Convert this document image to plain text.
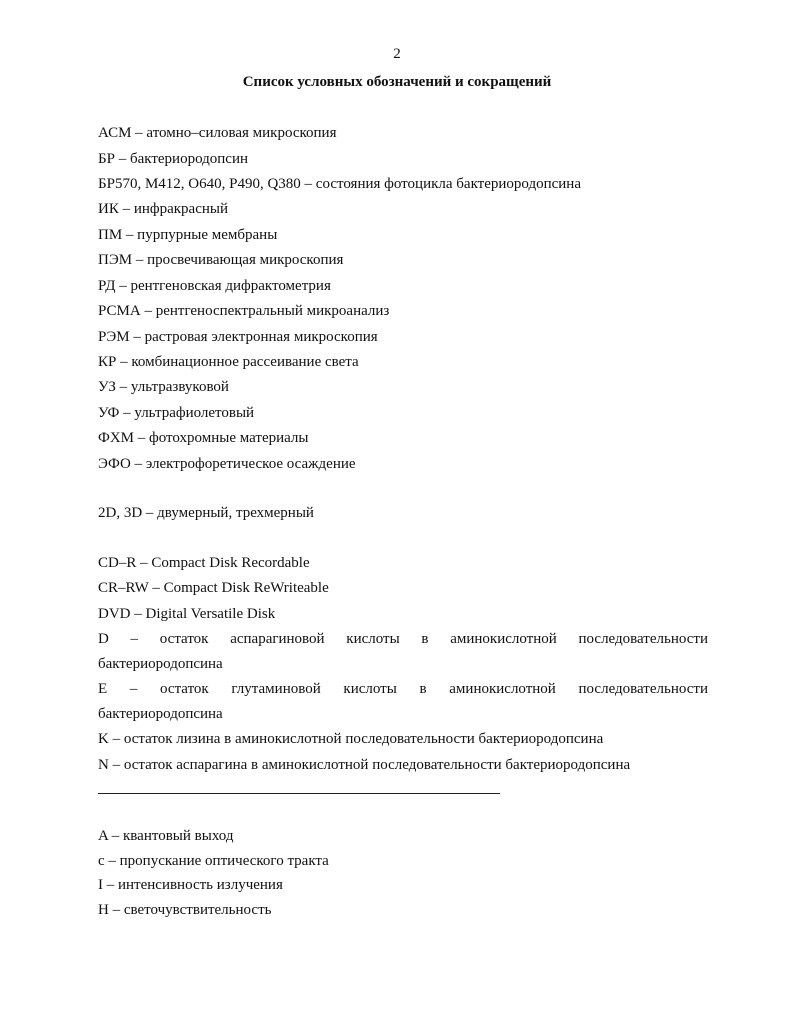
2
Список условных обозначений и сокращений
АСМ – атомно–силовая микроскопия
БР – бактериородопсин
БР570, M412, O640, P490, Q380 – состояния фотоцикла бактериородопсина
ИК – инфракрасный
ПМ – пурпурные мембраны
ПЭМ – просвечивающая микроскопия
РД – рентгеновская дифрактометрия
РСМА – рентгеноспектральный микроанализ
РЭМ – растровая электронная микроскопия
КР – комбинационное рассеивание света
УЗ – ультразвуковой
УФ – ультрафиолетовый
ФХМ – фотохромные материалы
ЭФО – электрофоретическое осаждение
2D, 3D – двумерный, трехмерный
CD–R – Compact Disk Recordable
CR–RW – Compact Disk ReWriteable
DVD – Digital Versatile Disk
D – остаток аспарагиновой кислоты в аминокислотной последовательности
бактериородопсина
E – остаток глутаминовой кислоты в аминокислотной последовательности
бактериородопсина
K – остаток лизина в аминокислотной последовательности бактериородопсина
N – остаток аспарагина в аминокислотной последовательности бактериородопсина
A – квантовый выход
c – пропускание оптического тракта
I – интенсивность излучения
H – светочувствительность
